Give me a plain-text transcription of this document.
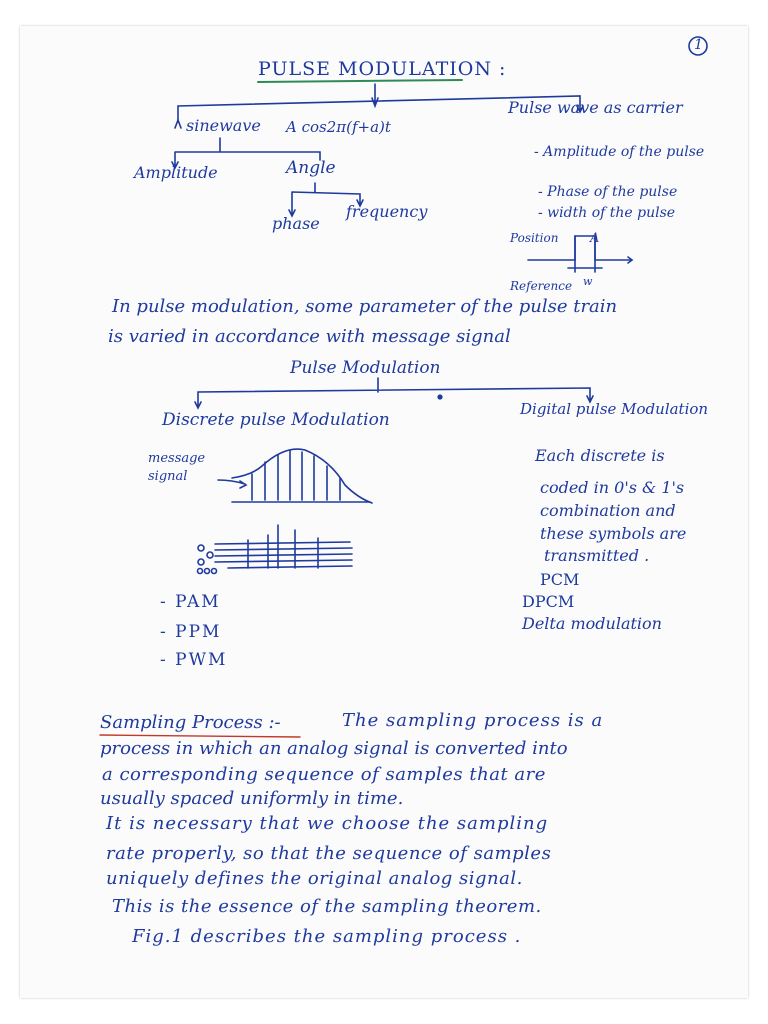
1
PULSE MODULATION :
sinewave A cos2π(f+a)t
Pulse wave as carrier
Amplitude	Angle
phase
frequency
- Amplitude of the pulse
- Phase of the pulse
- width of the pulse
Position A
Reference w
In pulse modulation, some parameter of the pulse train
is varied in accordance with message signal
Pulse Modulation
Discrete pulse Modulation
Digital pulse Modulation
message signal
Each discrete is
coded in 0's & 1's
combination and
these symbols are
transmitted .
- PAM
- PPM
- PWM
PCM
DPCM
Delta modulation
Sampling Process :-	The sampling process is a
process in which an analog signal is converted into
a corresponding sequence of samples that are
usually spaced uniformly in time.
It is necessary that we choose the sampling
rate properly, so that the sequence of samples
uniquely defines the original analog signal.
This is the essence of the sampling theorem.
Fig.1 describes the sampling process .
